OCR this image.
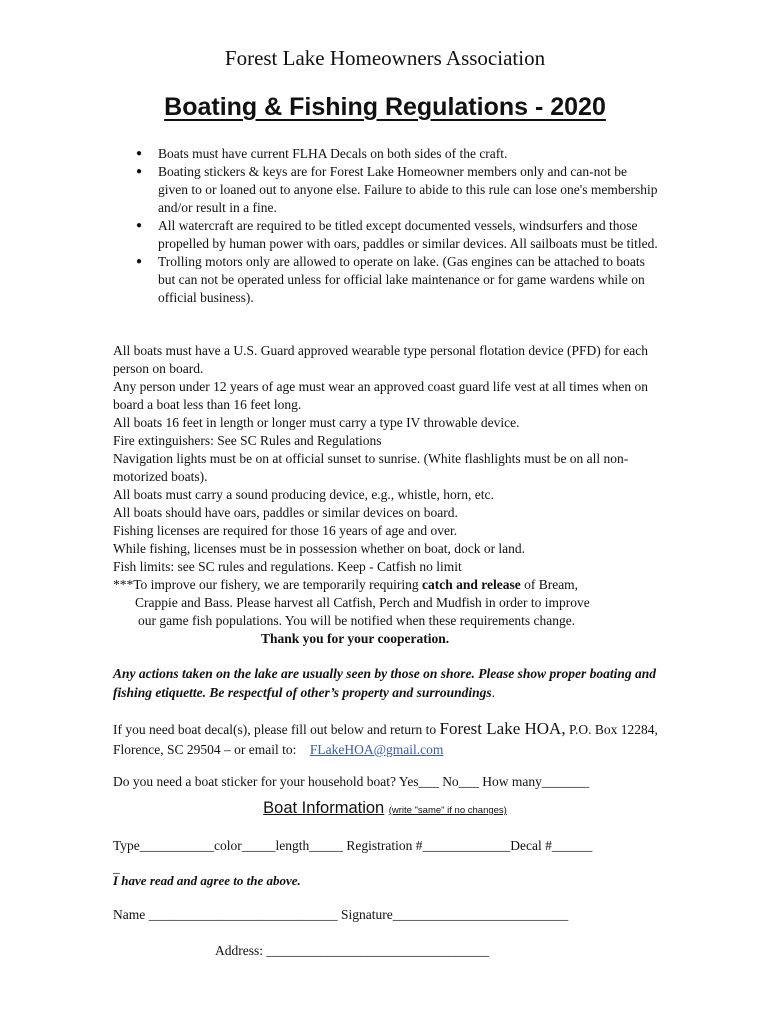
Forest Lake Homeowners Association
Boating & Fishing Regulations - 2020
● Boats must have current FLHA Decals on both sides of the craft.
● Boating stickers & keys are for Forest Lake Homeowner members only and can-not be given to or loaned out to anyone else. Failure to abide to this rule can lose one's membership and/or result in a fine.
● All watercraft are required to be titled except documented vessels, windsurfers and those propelled by human power with oars, paddles or similar devices. All sailboats must be titled.
● Trolling motors only are allowed to operate on lake. (Gas engines can be attached to boats but can not be operated unless for official lake maintenance or for game wardens while on official business).

All boats must have a U.S. Guard approved wearable type personal flotation device (PFD) for each person on board.

Any person under 12 years of age must wear an approved coast guard life vest at all times when on board a boat less than 16 feet long.

All boats 16 feet in length or longer must carry a type IV throwable device.

Fire extinguishers: See SC Rules and Regulations

Navigation lights must be on at official sunset to sunrise. (White flashlights must be on all non-motorized boats).

All boats must carry a sound producing device, e.g., whistle, horn, etc.

All boats should have oars, paddles or similar devices on board.

Fishing licenses are required for those 16 years of age and over.

While fishing, licenses must be in possession whether on boat, dock or land.

Fish limits: see SC rules and regulations. Keep - Catfish no limit

***To improve our fishery, we are temporarily requiring catch and release of Bream,

Crappie and Bass. Please harvest all Catfish, Perch and Mudfish in order to improve

our game fish populations. You will be notified when these requirements change.

Thank you for your cooperation.

Any actions taken on the lake are usually seen by those on shore. Please show proper boating and fishing etiquette. Be respectful of other’s property and surroundings.

If you need boat decal(s), please fill out below and return to Forest Lake HOA, P.O. Box 12284, Florence, SC 29504 – or email to: FLakeHOA@gmail.com

Do you need a boat sticker for your household boat? Yes___ No___ How many_______

Boat Information (write "same" if no changes)

Type___________color_____length_____ Registration #_____________Decal #______

_

I have read and agree to the above.

Name ____________________________ Signature__________________________

Address: _________________________________
